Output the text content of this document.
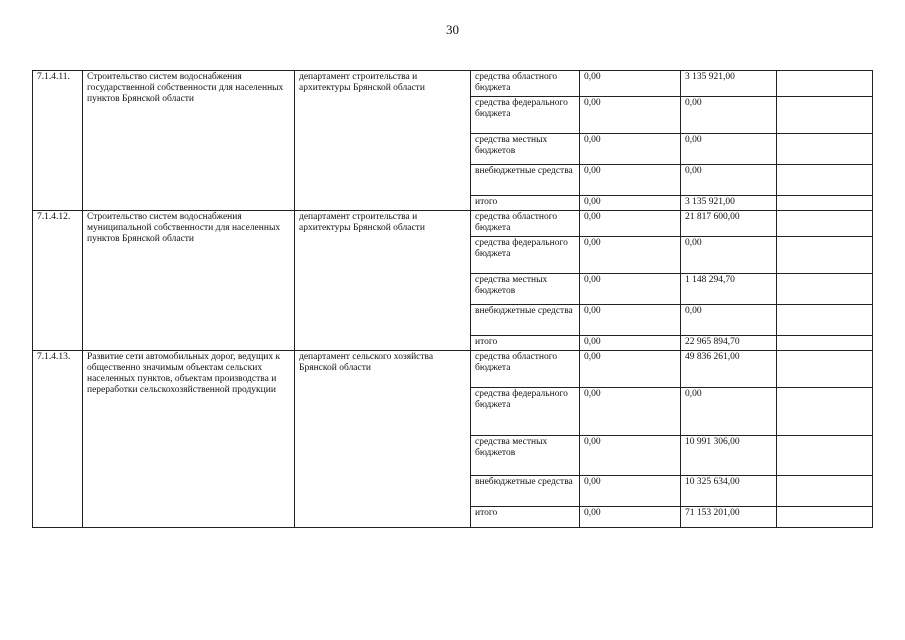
30
7.1.4.11.	Строительство систем водоснабжения государственной собственности для населенных пунктов Брянской области	департамент строительства и архитектуры Брянской области	средства областного бюджета	0,00	3 135 921,00	
			средства федерального бюджета	0,00	0,00	
			средства местных бюджетов	0,00	0,00	
			внебюджетные средства	0,00	0,00	
			итого	0,00	3 135 921,00	
7.1.4.12.	Строительство систем водоснабжения муниципальной собственности для населенных пунктов Брянской области	департамент строительства и архитектуры Брянской области	средства областного бюджета	0,00	21 817 600,00	
			средства федерального бюджета	0,00	0,00	
			средства местных бюджетов	0,00	1 148 294,70	
			внебюджетные средства	0,00	0,00	
			итого	0,00	22 965 894,70	
7.1.4.13.	Развитие сети автомобильных дорог, ведущих к общественно значимым объектам сельских населенных пунктов, объектам производства и переработки сельскохозяйственной продукции	департамент сельского хозяйства Брянской области	средства областного бюджета	0,00	49 836 261,00	
			средства федерального бюджета	0,00	0,00	
			средства местных бюджетов	0,00	10 991 306,00	
			внебюджетные средства	0,00	10 325 634,00	
			итого	0,00	71 153 201,00	
